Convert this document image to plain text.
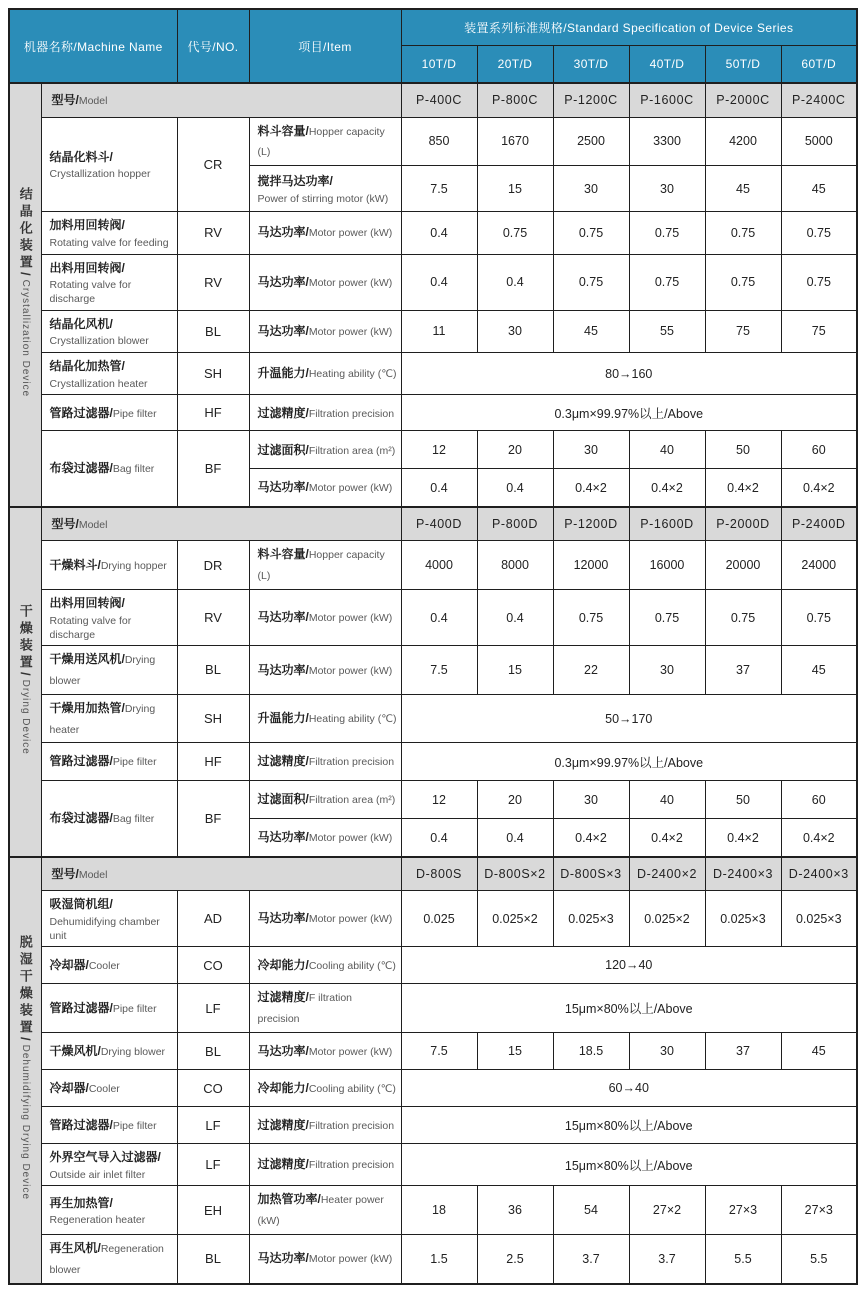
机器名称/Machine Name		代号/NO.	项目/Item	装置系列标准规格/Standard Specification of Device Series					
				10T/D	20T/D	30T/D	40T/D	50T/D	60T/D
结晶化装置/Crystallization Device	型号/Model			P-400C	P-800C	P-1200C	P-1600C	P-2000C	P-2400C
	结晶化料斗/
Crystallization hopper	CR	料斗容量/Hopper capacity (L)	850	1670	2500	3300	4200	5000
			搅拌马达功率/
Power of stirring motor (kW)	7.5	15	30	30	45	45
	加料用回转阀/
Rotating valve for feeding	RV	马达功率/Motor power (kW)	0.4	0.75	0.75	0.75	0.75	0.75
	出料用回转阀/
Rotating valve for discharge	RV	马达功率/Motor power (kW)	0.4	0.4	0.75	0.75	0.75	0.75
	结晶化风机/
Crystallization blower	BL	马达功率/Motor power (kW)	11	30	45	55	75	75
	结晶化加热管/
Crystallization heater	SH	升温能力/Heating ability (℃)	80→160					
	管路过滤器/Pipe filter	HF	过滤精度/Filtration precision	0.3μm×99.97%以上/Above					
	布袋过滤器/Bag filter	BF	过滤面积/Filtration area (m²)	12	20	30	40	50	60
			马达功率/Motor power (kW)	0.4	0.4	0.4×2	0.4×2	0.4×2	0.4×2
干燥装置/Drying Device	型号/Model			P-400D	P-800D	P-1200D	P-1600D	P-2000D	P-2400D
	干燥料斗/Drying hopper	DR	料斗容量/Hopper capacity (L)	4000	8000	12000	16000	20000	24000
	出料用回转阀/
Rotating valve for discharge	RV	马达功率/Motor power (kW)	0.4	0.4	0.75	0.75	0.75	0.75
	干燥用送风机/Drying blower	BL	马达功率/Motor power (kW)	7.5	15	22	30	37	45
	干燥用加热管/Drying heater	SH	升温能力/Heating ability (℃)	50→170					
	管路过滤器/Pipe filter	HF	过滤精度/Filtration precision	0.3μm×99.97%以上/Above					
	布袋过滤器/Bag filter	BF	过滤面积/Filtration area (m²)	12	20	30	40	50	60
			马达功率/Motor power (kW)	0.4	0.4	0.4×2	0.4×2	0.4×2	0.4×2
脱湿干燥装置/Dehumidifying Drying Device	型号/Model			D-800S	D-800S×2	D-800S×3	D-2400×2	D-2400×3	D-2400×3
	吸湿筒机组/
Dehumidifying chamber unit	AD	马达功率/Motor power (kW)	0.025	0.025×2	0.025×3	0.025×2	0.025×3	0.025×3
	冷却器/Cooler	CO	冷却能力/Cooling ability (℃)	120→40					
	管路过滤器/Pipe filter	LF	过滤精度/F iltration precision	15μm×80%以上/Above					
	干燥风机/Drying blower	BL	马达功率/Motor power (kW)	7.5	15	18.5	30	37	45
	冷却器/Cooler	CO	冷却能力/Cooling ability (℃)	60→40					
	管路过滤器/Pipe filter	LF	过滤精度/Filtration precision	15μm×80%以上/Above					
	外界空气导入过滤器/
Outside air inlet filter	LF	过滤精度/Filtration precision	15μm×80%以上/Above					
	再生加热管/
Regeneration heater	EH	加热管功率/Heater power (kW)	18	36	54	27×2	27×3	27×3
	再生风机/Regeneration blower	BL	马达功率/Motor power (kW)	1.5	2.5	3.7	3.7	5.5	5.5
